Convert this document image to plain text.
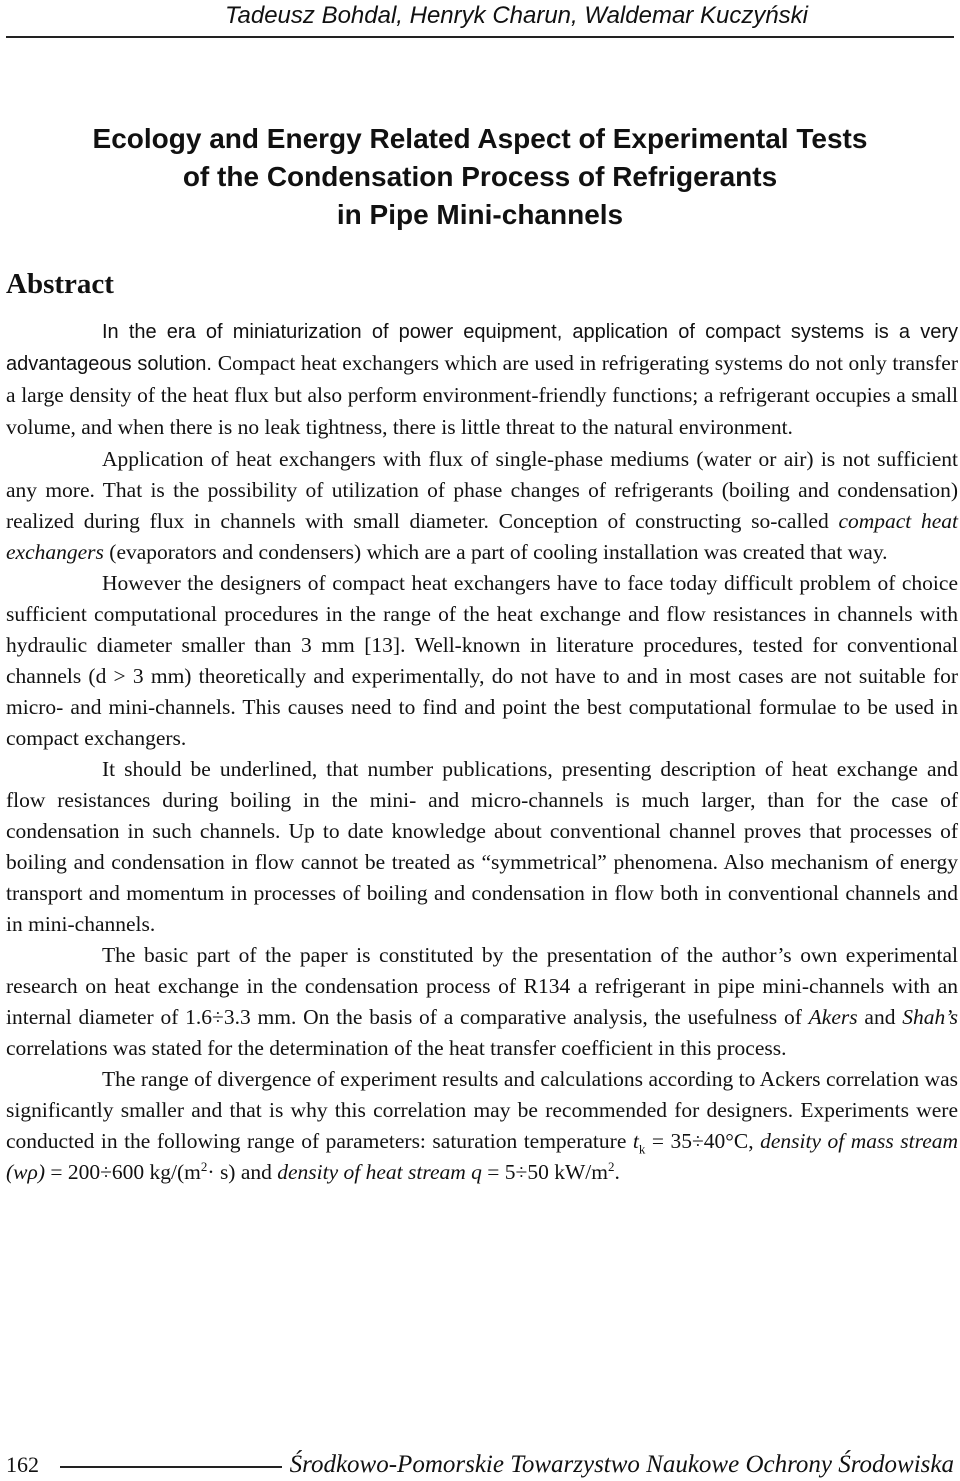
Tadeusz Bohdal, Henryk Charun, Waldemar Kuczyński
Ecology and Energy Related Aspect of Experimental Tests
of the Condensation Process of Refrigerants
in Pipe Mini-channels
Abstract

In the era of miniaturization of power equipment, application of compact systems is a very advantageous solution. Compact heat exchangers which are used in refrigerating systems do not only transfer a large density of the heat flux but also perform environment-friendly functions; a refrigerant occupies a small volume, and when there is no leak tightness, there is little threat to the natural environment.

Application of heat exchangers with flux of single-phase mediums (water or air) is not sufficient any more. That is the possibility of utilization of phase changes of refrigerants (boiling and condensation) realized during flux in channels with small diameter. Conception of constructing so-called compact heat exchangers (evaporators and condensers) which are a part of cooling installation was created that way.

However the designers of compact heat exchangers have to face today difficult problem of choice sufficient computational procedures in the range of the heat exchange and flow resistances in channels with hydraulic diameter smaller than 3 mm [13]. Well-known in literature procedures, tested for conventional channels (d > 3 mm) theoretically and experimentally, do not have to and in most cases are not suitable for micro- and mini-channels. This causes need to find and point the best computational formulae to be used in compact exchangers.

It should be underlined, that number publications, presenting description of heat exchange and flow resistances during boiling in the mini- and micro-channels is much larger, than for the case of condensation in such channels. Up to date knowledge about conventional channel proves that processes of boiling and condensation in flow cannot be treated as “symmetrical” phenomena. Also mechanism of energy transport and momentum in processes of boiling and condensation in flow both in conventional channels and in mini-channels.

The basic part of the paper is constituted by the presentation of the author’s own experimental research on heat exchange in the condensation process of R134 a refrigerant in pipe mini-channels with an internal diameter of 1.6÷3.3 mm. On the basis of a comparative analysis, the usefulness of Akers and Shah’s correlations was stated for the determination of the heat transfer coefficient in this process.

The range of divergence of experiment results and calculations according to Ackers correlation was significantly smaller and that is why this correlation may be recommended for designers. Experiments were conducted in the following range of parameters: saturation temperature $t_k = 35\div 40^\circ C$, density of mass stream (wρ) = 200÷600 $kg/(m^2\cdot s)$ and density of heat stream q = 5÷50 $kW/m^2$.

162	Środkowo-Pomorskie Towarzystwo Naukowe Ochrony Środowiska
